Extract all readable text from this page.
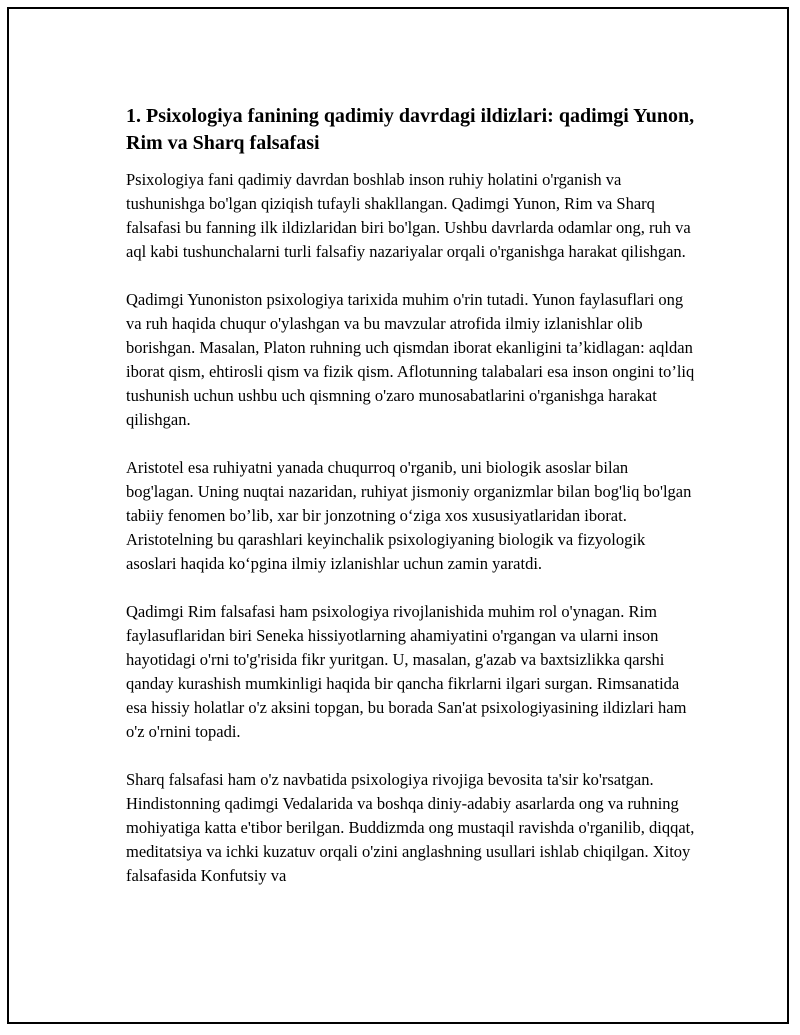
1. Psixologiya fanining qadimiy davrdagi ildizlari: qadimgi Yunon, Rim va Sharq falsafasi

Psixologiya fani qadimiy davrdan boshlab inson ruhiy holatini o'rganish va tushunishga bo'lgan qiziqish tufayli shakllangan. Qadimgi Yunon, Rim va Sharq falsafasi bu fanning ilk ildizlaridan biri bo'lgan. Ushbu davrlarda odamlar ong, ruh va aql kabi tushunchalarni turli falsafiy nazariyalar orqali o'rganishga harakat qilishgan.

Qadimgi Yunoniston psixologiya tarixida muhim o'rin tutadi. Yunon faylasuflari ong va ruh haqida chuqur o'ylashgan va bu mavzular atrofida ilmiy izlanishlar olib borishgan. Masalan, Platon ruhning uch qismdan iborat ekanligini ta’kidlagan: aqldan iborat qism, ehtirosli qism va fizik qism. Aflotunning talabalari esa inson ongini to’liq tushunish uchun ushbu uch qismning o'zaro munosabatlarini o'rganishga harakat qilishgan.

Aristotel esa ruhiyatni yanada chuqurroq o'rganib, uni biologik asoslar bilan bog'lagan. Uning nuqtai nazaridan, ruhiyat jismoniy organizmlar bilan bog'liq bo'lgan tabiiy fenomen bo’lib, xar bir jonzotning o‘ziga xos xususiyatlaridan iborat. Aristotelning bu qarashlari keyinchalik psixologiyaning biologik va fizyologik asoslari haqida ko‘pgina ilmiy izlanishlar uchun zamin yaratdi.

Qadimgi Rim falsafasi ham psixologiya rivojlanishida muhim rol o'ynagan. Rim faylasuflaridan biri Seneka hissiyotlarning ahamiyatini o'rgangan va ularni inson hayotidagi o'rni to'g'risida fikr yuritgan. U, masalan, g'azab va baxtsizlikka qarshi qanday kurashish mumkinligi haqida bir qancha fikrlarni ilgari surgan. Rimsanatida esa hissiy holatlar o'z aksini topgan, bu borada San'at psixologiyasining ildizlari ham o'z o'rnini topadi.

Sharq falsafasi ham o'z navbatida psixologiya rivojiga bevosita ta'sir ko'rsatgan. Hindistonning qadimgi Vedalarida va boshqa diniy-adabiy asarlarda ong va ruhning mohiyatiga katta e'tibor berilgan. Buddizmda ong mustaqil ravishda o'rganilib, diqqat, meditatsiya va ichki kuzatuv orqali o'zini anglashning usullari ishlab chiqilgan. Xitoy falsafasida Konfutsiy va
